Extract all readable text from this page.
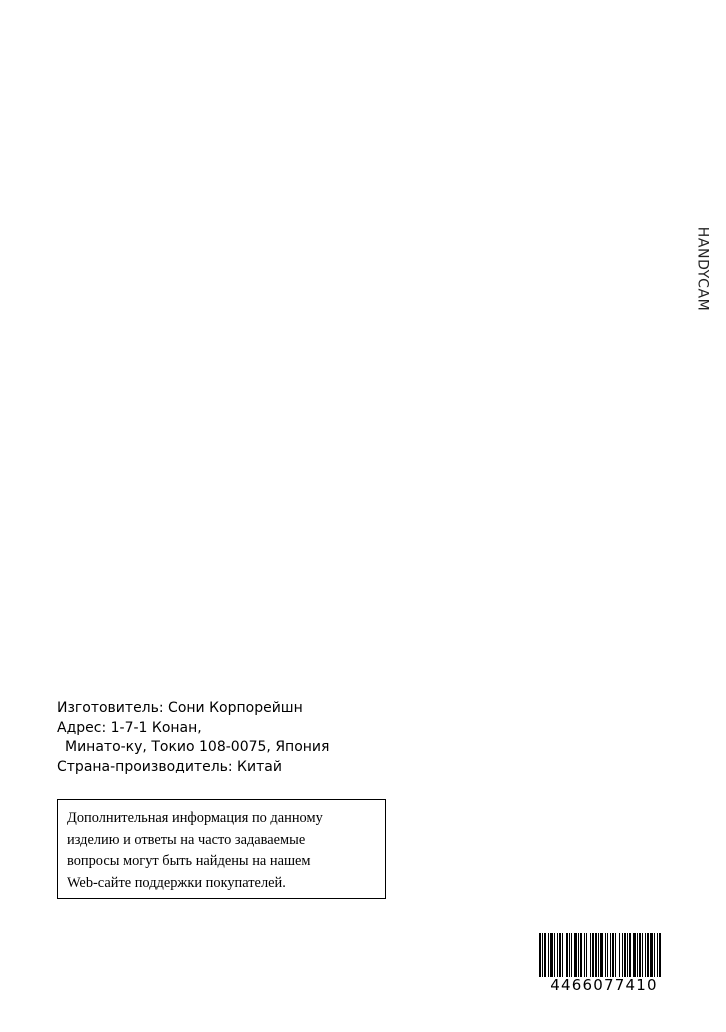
HANDYCAM
Изготовитель: Сони Корпорейшн
Адрес: 1-7-1 Конан,
Минато-ку, Токио 108-0075, Япония
Страна-производитель: Китай
Дополнительная информация по данному
изделию и ответы на часто задаваемые
вопросы могут быть найдены на нашем
Web-сайте поддержки покупателей.
4466077410
